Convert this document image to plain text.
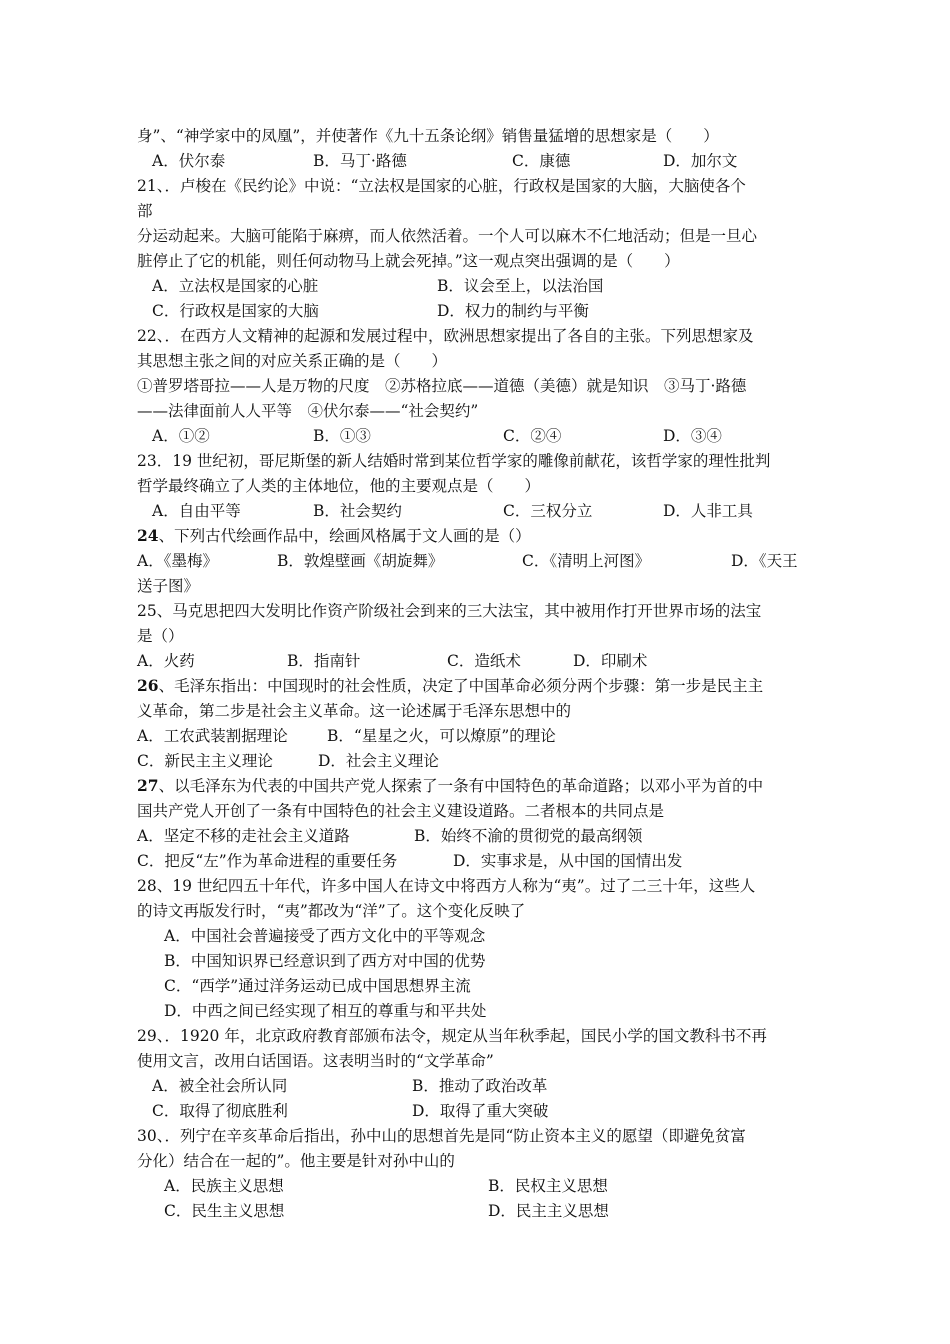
身”、“神学家中的凤凰”，并使著作《九十五条论纲》销售量猛增的思想家是（　　）
A．伏尔泰	B．马丁·路德	C．康德	D．加尔文
21、．卢梭在《民约论》中说：“立法权是国家的心脏，行政权是国家的大脑，大脑使各个
部
分运动起来。大脑可能陷于麻痹，而人依然活着。一个人可以麻木不仁地活动；但是一旦心
脏停止了它的机能，则任何动物马上就会死掉。”这一观点突出强调的是（　　）
A．立法权是国家的心脏	B．议会至上，以法治国
C．行政权是国家的大脑	D．权力的制约与平衡
22、．在西方人文精神的起源和发展过程中，欧洲思想家提出了各自的主张。下列思想家及
其思想主张之间的对应关系正确的是（　　）
①普罗塔哥拉——人是万物的尺度　②苏格拉底——道德（美德）就是知识　③马丁·路德
——法律面前人人平等　④伏尔泰——“社会契约”
A．①②	B．①③	C．②④	D．③④
23．19 世纪初，哥尼斯堡的新人结婚时常到某位哲学家的雕像前献花，该哲学家的理性批判
哲学最终确立了人类的主体地位，他的主要观点是（　　）
A．自由平等	B．社会契约	C．三权分立	D．人非工具
24、下列古代绘画作品中，绘画风格属于文人画的是（）
A．《墨梅》	B．敦煌壁画《胡旋舞》	C．《清明上河图》	D．《天王
送子图》
25、马克思把四大发明比作资产阶级社会到来的三大法宝，其中被用作打开世界市场的法宝
是（）
A．火药	B．指南针	C．造纸术	D．印刷术
26、毛泽东指出：中国现时的社会性质，决定了中国革命必须分两个步骤：第一步是民主主
义革命，第二步是社会主义革命。这一论述属于毛泽东思想中的
A．工农武装割据理论	B．“星星之火，可以燎原”的理论
C．新民主主义理论	D．社会主义理论
27、以毛泽东为代表的中国共产党人探索了一条有中国特色的革命道路；以邓小平为首的中
国共产党人开创了一条有中国特色的社会主义建设道路。二者根本的共同点是
A．坚定不移的走社会主义道路	B．始终不渝的贯彻党的最高纲领
C．把反“左”作为革命进程的重要任务	D．实事求是，从中国的国情出发
28、19 世纪四五十年代，许多中国人在诗文中将西方人称为“夷”。过了二三十年，这些人
的诗文再版发行时，“夷”都改为“洋”了。这个变化反映了
A．中国社会普遍接受了西方文化中的平等观念
B．中国知识界已经意识到了西方对中国的优势
C．“西学”通过洋务运动已成中国思想界主流
D．中西之间已经实现了相互的尊重与和平共处
29、．1920 年，北京政府教育部颁布法令，规定从当年秋季起，国民小学的国文教科书不再
使用文言，改用白话国语。这表明当时的“文学革命”
A．被全社会所认同	B．推动了政治改革
C．取得了彻底胜利	D．取得了重大突破
30、．列宁在辛亥革命后指出，孙中山的思想首先是同“防止资本主义的愿望（即避免贫富
分化）结合在一起的”。他主要是针对孙中山的
A．民族主义思想	B．民权主义思想
C．民生主义思想	D．民主主义思想
